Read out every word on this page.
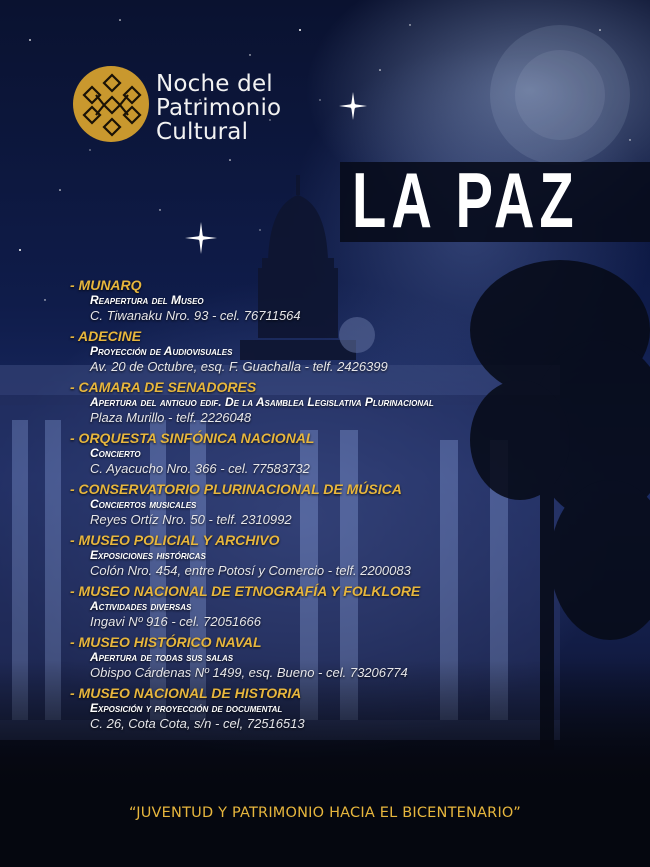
Noche del
Patrimonio
Cultural
LA PAZ
- MUNARQ
Reapertura del Museo
C. Tiwanaku Nro. 93 - cel. 76711564
- ADECINE
Proyección de Audiovisuales
Av. 20 de Octubre, esq. F. Guachalla - telf. 2426399
- CAMARA DE SENADORES
Apertura del antiguo edif. De la Asamblea Legislativa Plurinacional
Plaza Murillo - telf. 2226048
- ORQUESTA SINFÓNICA NACIONAL
Concierto
C. Ayacucho Nro. 366 - cel. 77583732
- CONSERVATORIO PLURINACIONAL DE MÚSICA
Conciertos musicales
Reyes Ortíz Nro. 50 - telf. 2310992
- MUSEO POLICIAL Y ARCHIVO
Exposiciones históricas
Colón Nro. 454, entre Potosí y Comercio - telf. 2200083
- MUSEO NACIONAL DE ETNOGRAFÍA Y FOLKLORE
Actividades diversas
Ingavi Nº 916 - cel. 72051666
- MUSEO HISTÓRICO NAVAL
Apertura de todas sus salas
Obispo Cárdenas Nº 1499, esq. Bueno - cel. 73206774
- MUSEO NACIONAL DE HISTORIA
Exposición y proyección de documental
C. 26, Cota Cota, s/n - cel, 72516513
“JUVENTUD Y PATRIMONIO HACIA EL BICENTENARIO”
